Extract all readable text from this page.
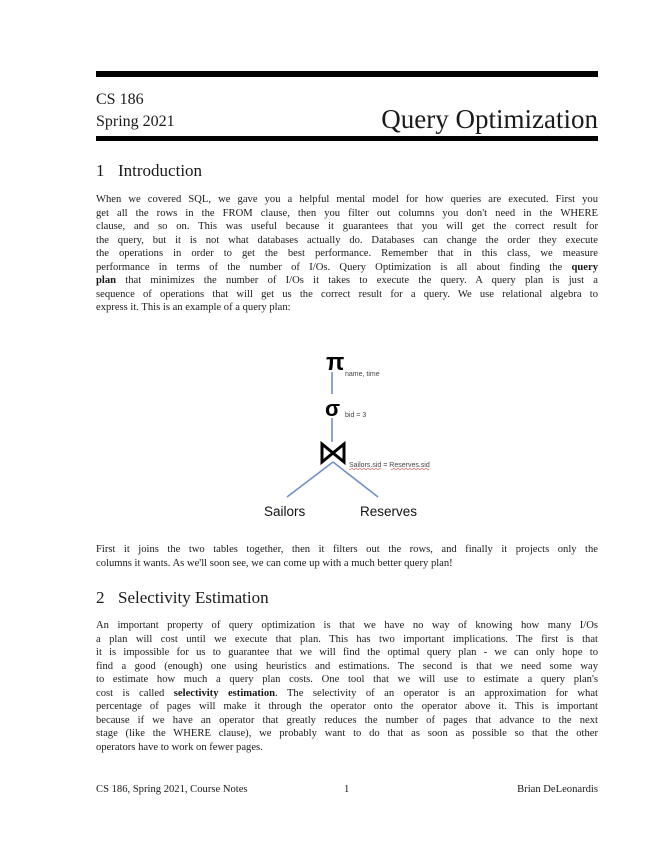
CS 186
Spring 2021	Query Optimization
1 Introduction
When we covered SQL, we gave you a helpful mental model for how queries are executed. First you
get all the rows in the FROM clause, then you filter out columns you don't need in the WHERE
clause, and so on. This was useful because it guarantees that you will get the correct result for
the query, but it is not what databases actually do. Databases can change the order they execute
the operations in order to get the best performance. Remember that in this class, we measure
performance in terms of the number of I/Os. Query Optimization is all about finding the query
plan that minimizes the number of I/Os it takes to execute the query. A query plan is just a
sequence of operations that will get us the correct result for a query. We use relational algebra to
express it. This is an example of a query plan:
π name, time
σ bid = 3
Sailors.sid = Reserves.sid
Sailors	Reserves
First it joins the two tables together, then it filters out the rows, and finally it projects only the
columns it wants. As we'll soon see, we can come up with a much better query plan!
2 Selectivity Estimation
An important property of query optimization is that we have no way of knowing how many I/Os
a plan will cost until we execute that plan. This has two important implications. The first is that
it is impossible for us to guarantee that we will find the optimal query plan - we can only hope to
find a good (enough) one using heuristics and estimations. The second is that we need some way
to estimate how much a query plan costs. One tool that we will use to estimate a query plan's
cost is called selectivity estimation. The selectivity of an operator is an approximation for what
percentage of pages will make it through the operator onto the operator above it. This is important
because if we have an operator that greatly reduces the number of pages that advance to the next
stage (like the WHERE clause), we probably want to do that as soon as possible so that the other
operators have to work on fewer pages.
CS 186, Spring 2021, Course Notes	1	Brian DeLeonardis
